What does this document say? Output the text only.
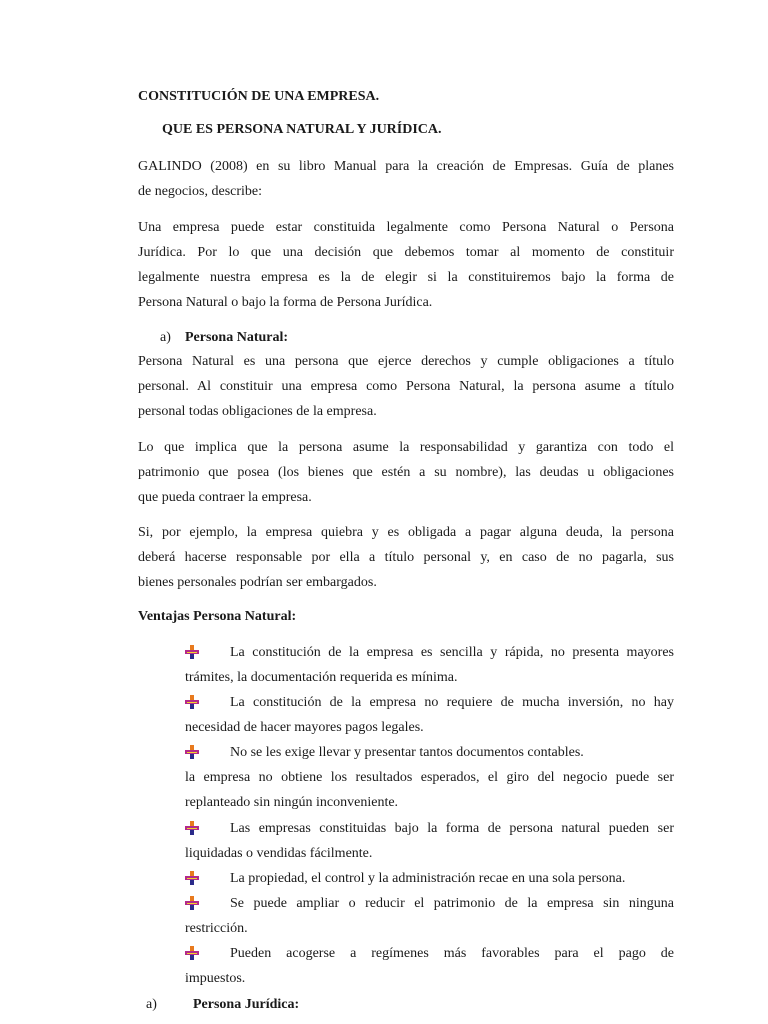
CONSTITUCIÓN DE UNA EMPRESA.
QUE ES PERSONA NATURAL Y JURÍDICA.
GALINDO (2008) en su libro Manual para la creación de Empresas. Guía de planes
de negocios, describe:
Una empresa puede estar constituida legalmente como Persona Natural o Persona
Jurídica. Por lo que una decisión que debemos tomar al momento de constituir
legalmente nuestra empresa es la de elegir si la constituiremos bajo la forma de
Persona Natural o bajo la forma de Persona Jurídica.
a) Persona Natural:
Persona Natural es una persona que ejerce derechos y cumple obligaciones a título
personal. Al constituir una empresa como Persona Natural, la persona asume a título
personal todas obligaciones de la empresa.
Lo que implica que la persona asume la responsabilidad y garantiza con todo el
patrimonio que posea (los bienes que estén a su nombre), las deudas u obligaciones
que pueda contraer la empresa.
Si, por ejemplo, la empresa quiebra y es obligada a pagar alguna deuda, la persona
deberá hacerse responsable por ella a título personal y, en caso de no pagarla, sus
bienes personales podrían ser embargados.
Ventajas Persona Natural:
La constitución de la empresa es sencilla y rápida, no presenta mayores
trámites, la documentación requerida es mínima.
La constitución de la empresa no requiere de mucha inversión, no hay
necesidad de hacer mayores pagos legales.
No se les exige llevar y presentar tantos documentos contables.
la empresa no obtiene los resultados esperados, el giro del negocio puede ser
replanteado sin ningún inconveniente.
Las empresas constituidas bajo la forma de persona natural pueden ser
liquidadas o vendidas fácilmente.
La propiedad, el control y la administración recae en una sola persona.
Se puede ampliar o reducir el patrimonio de la empresa sin ninguna
restricción.
Pueden acogerse a regímenes más favorables para el pago de
impuestos.
a)	Persona Jurídica:
